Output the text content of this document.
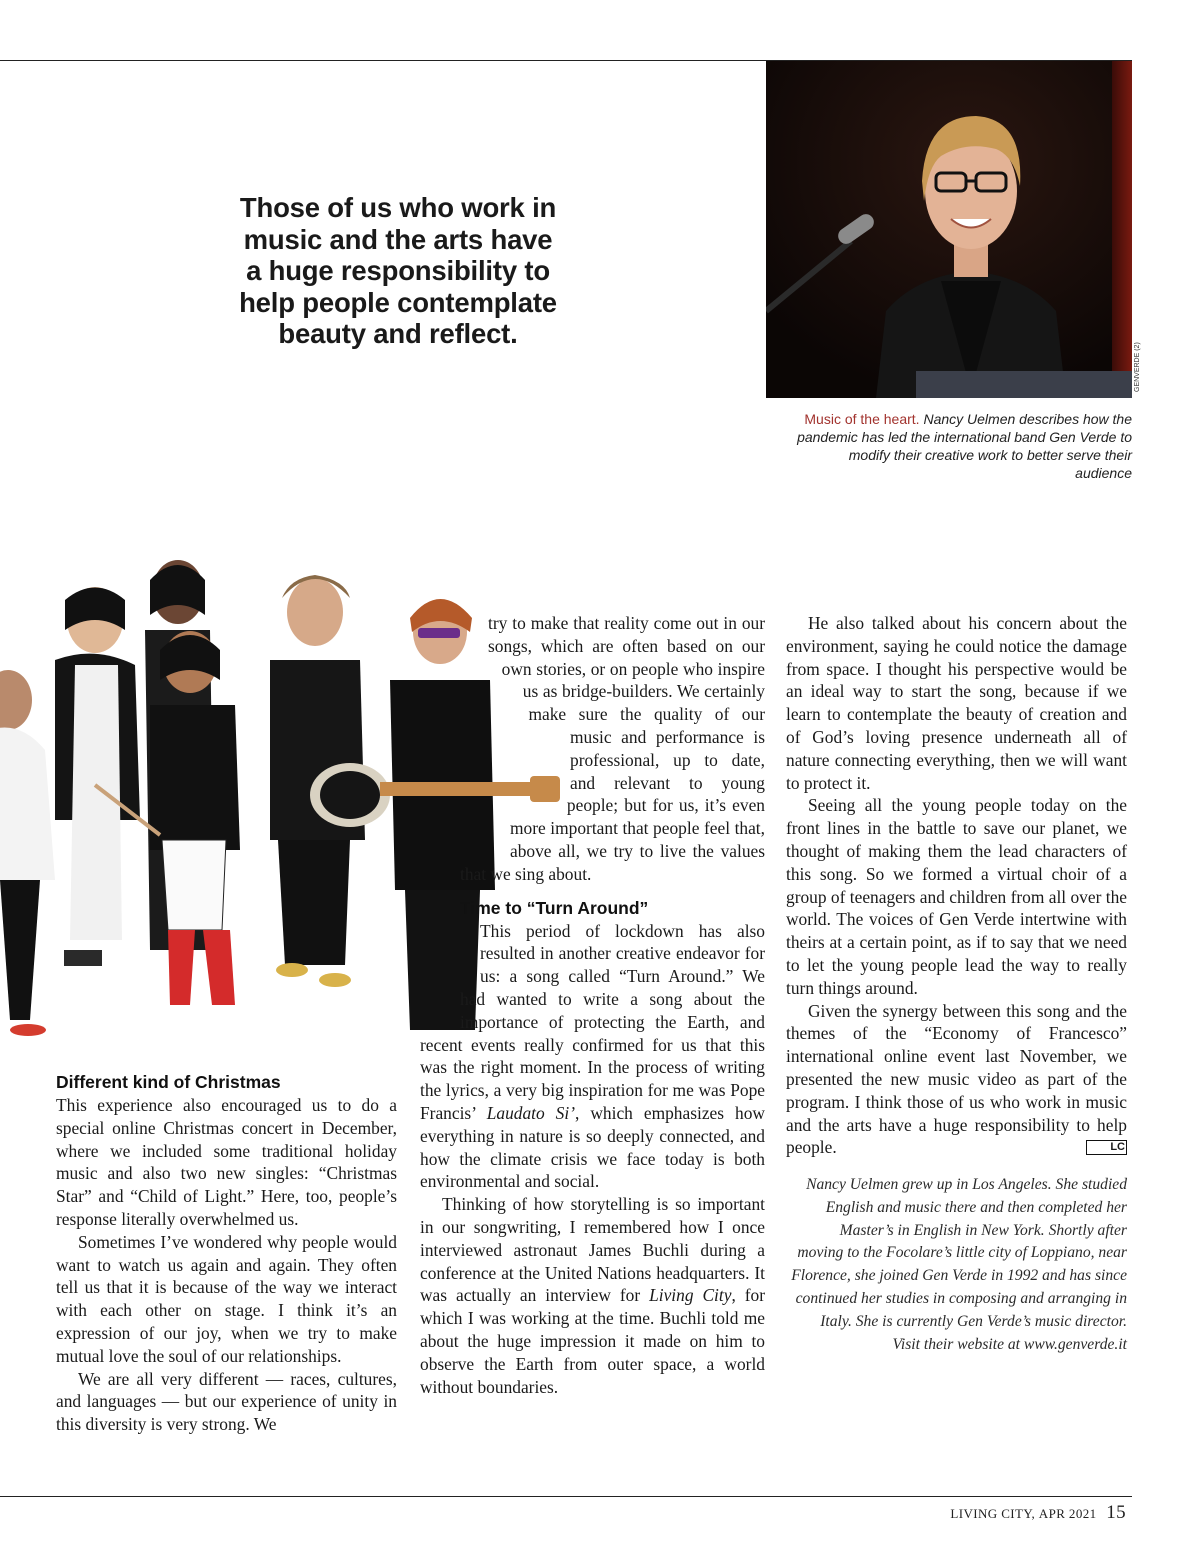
Those of us who work in music and the arts have a huge responsibility to help people contemplate beauty and reflect.
GENVERDE (2)
Music of the heart. Nancy Uelmen describes how the pandemic has led the international band Gen Verde to modify their creative work to better serve their audience
Different kind of Christmas

This experience also encouraged us to do a special online Christmas concert in December, where we included some traditional holiday music and also two new singles: “Christmas Star” and “Child of Light.” Here, too, people’s response literally overwhelmed us.

Sometimes I’ve wondered why people would want to watch us again and again. They often tell us that it is because of the way we interact with each other on stage. I think it’s an expression of our joy, when we try to make mutual love the soul of our relationships.

We are all very different — races, cultures, and languages — but our experience of unity in this diversity is very strong. We

try to make that reality come out in our songs, which are often based on our own stories, or on people who inspire us as bridge-builders. We certainly make sure the quality of our music and performance is professional, up to date, and relevant to young people; but for us, it’s even more important that people feel that, above all, we try to live the values that we sing about.

Time to “Turn Around”

This period of lockdown has also resulted in another creative endeavor for us: a song called “Turn Around.” We had wanted to write a song about the importance of protecting the Earth, and recent events really confirmed for us that this was the right moment. In the process of writing the lyrics, a very big inspiration for me was Pope Francis’ Laudato Si’, which emphasizes how everything in nature is so deeply connected, and how the climate crisis we face today is both environmental and social.

Thinking of how storytelling is so important in our songwriting, I remembered how I once interviewed astronaut James Buchli during a conference at the United Nations headquarters. It was actually an interview for Living City, for which I was working at the time. Buchli told me about the huge impression it made on him to observe the Earth from outer space, a world without boundaries.

He also talked about his concern about the environment, saying he could notice the damage from space. I thought his perspective would be an ideal way to start the song, because if we learn to contemplate the beauty of creation and of God’s loving presence underneath all of nature connecting everything, then we will want to protect it.

Seeing all the young people today on the front lines in the battle to save our planet, we thought of making them the lead characters of this song. So we formed a virtual choir of a group of teenagers and children from all over the world. The voices of Gen Verde intertwine with theirs at a certain point, as if to say that we need to let the young people lead the way to really turn things around.

Given the synergy between this song and the themes of the “Economy of Francesco” international online event last November, we presented the new music video as part of the program. I think those of us who work in music and the arts have a huge responsibility to help people.	LC

Nancy Uelmen grew up in Los Angeles. She studied English and music there and then completed her Master’s in English in New York. Shortly after moving to the Focolare’s little city of Loppiano, near Florence, she joined Gen Verde in 1992 and has since continued her studies in composing and arranging in Italy. She is currently Gen Verde’s music director.

Visit their website at www.genverde.it

LIVING CITY, APR 2021 15
